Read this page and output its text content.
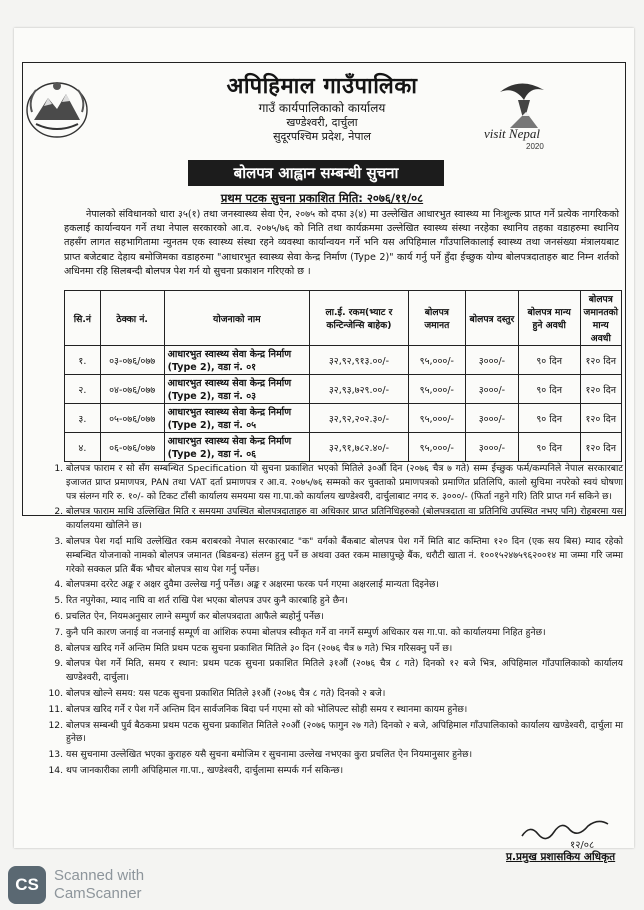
visit Nepal
2020
अपिहिमाल गाउँपालिका
गाउँ कार्यपालिकाको कार्यालय
खण्डेश्वरी, दार्चुला
सुदूरपश्चिम प्रदेश, नेपाल
बोलपत्र आह्वान सम्बन्धी सुचना
प्रथम पटक सुचना प्रकाशित मिति: २०७६/११/०८

नेपालको संविधानको धारा ३५(१) तथा जनस्वास्थ्य सेवा ऐन, २०७५ को दफा ३(४) मा उल्लेखित आधारभुत स्वास्थ्य मा निःशुल्क प्राप्त गर्ने प्रत्येक नागरिकको हकलाई कार्यान्वयन गर्ने तथा नेपाल सरकारको आ.व. २०७५/७६ को निति तथा कार्यक्रममा उल्लेखित स्वास्थ्य संस्था नरहेका स्थानिय तहका वडाहरुमा स्थानिय तहसँग लागत सहभागितामा न्युनतम एक स्वास्थ्य संस्था रहने व्यवस्था कार्यान्वयन गर्ने भनि यस अपिहिमाल गाँउपालिकालाई स्वास्थ्य तथा जनसंख्या मंत्रालयबाट प्राप्त बजेटबाट देहाय बमोजिमका वडाहरुमा "आधारभुत स्वास्थ्य सेवा केन्द्र निर्माण (Type 2)" कार्य गर्नु पर्ने हुँदा ईच्छुक योग्य बोलपत्रदाताहरु बाट निम्न शर्तको अधिनमा रहि सिलबन्दी बोलपत्र पेश गर्न यो सुचना प्रकाशन गरिएको छ ।

सि.नं	ठेक्का नं.	योजनाको नाम	ला.ई. रकम(भ्याट र कन्टिन्जेन्सि बाहेक)	बोलपत्र जमानत	बोलपत्र दस्तुर	बोलपत्र मान्य हुने अवधी	बोलपत्र जमानतको मान्य अवधी
१.	०३-०७६/०७७	आधारभुत स्वास्थ्य सेवा केन्द्र निर्माण (Type 2), वडा नं. ०१	३२,९२,९१३.००/-	९५,०००/-	३०००/-	९० दिन	१२० दिन
२.	०४-०७६/०७७	आधारभुत स्वास्थ्य सेवा केन्द्र निर्माण (Type 2), वडा नं. ०३	३२,९३,७२९.००/-	९५,०००/-	३०००/-	९० दिन	१२० दिन
३.	०५-०७६/०७७	आधारभुत स्वास्थ्य सेवा केन्द्र निर्माण (Type 2), वडा नं. ०५	३२,९२,२०२.३०/-	९५,०००/-	३०००/-	९० दिन	१२० दिन
४.	०६-०७६/०७७	आधारभुत स्वास्थ्य सेवा केन्द्र निर्माण (Type 2), वडा नं. ०६	३२,९१,७८२.४०/-	९५,०००/-	३०००/-	९० दिन	१२० दिन
1. बोलपत्र फाराम र सो सँग सम्बन्धित Specification यो सुचना प्रकाशित भएको मितिले ३०औं दिन (२०७६ चैत्र ७ गते) सम्म ईच्छुक फर्म/कम्पनिले नेपाल सरकारबाट इजाजत प्राप्त प्रमाणपत्र, PAN तथा VAT दर्ता प्रमाणपत्र र आ.व. २०७५/७६ सम्मको कर चुक्ताको प्रमाणपत्रको प्रमाणित प्रतिलिपि, कालो सुचिमा नपरेको स्वयं घोषणा पत्र संलग्न गरि रु. १०/- को टिकट टाँसी कार्यालय समयमा यस गा.पा.को कार्यालय खण्डेश्वरी, दार्चुलाबाट नगद रु. ३०००/- (फिर्ता नहुने गरि) तिरि प्राप्त गर्न सकिने छ।
2. बोलपत्र फाराम माथि उल्लिखित मिति र समयमा उपस्थित बोलपत्रदाताहरु वा अधिकार प्राप्त प्रतिनिधिहरुको (बोलपत्रदाता वा प्रतिनिधि उपस्थित नभए पनि) रोहबरमा यस कार्यालयमा खोलिने छ।
3. बोलपत्र पेश गर्दा माथि उल्लेखित रकम बराबरको नेपाल सरकारबाट "क" वर्गको बैंकबाट बोलपत्र पेश गर्ने मिति बाट कम्तिमा १२० दिन (एक सय बिस) म्याद रहेको सम्बन्धित योजनाको नामको बोलपत्र जमानत (बिडबन्ड) संलग्न हुनु पर्ने छ अथवा उक्त रकम माछापुच्छ्रे बैंक, धरौटी खाता नं. १००१५२४७५९६२००१४ मा जम्मा गरि जम्मा गरेको सक्कल प्रति बैंक भौचर बोलपत्र साथ पेश गर्नु पर्नेछ।
4. बोलपत्रमा दररेट अङ्क र अक्षर दुवैमा उल्लेख गर्नु पर्नेछ। अङ्क र अक्षरमा फरक पर्न गएमा अक्षरलाई मान्यता दिइनेछ।
5. रित नपुगेका, म्याद नाघि वा शर्त राखि पेश भएका बोलपत्र उपर कुनै कारबाहि हुने छैन।
6. प्रचलित ऐन, नियमअनुसार लाग्ने सम्पुर्ण कर बोलपत्रदाता आफैले ब्यहोर्नु पर्नेछ।
7. कुनै पनि कारण जनाई वा नजनाई सम्पूर्ण वा आंशिक रुपमा बोलपत्र स्वीकृत गर्ने वा नगर्ने सम्पुर्ण अधिकार यस गा.पा. को कार्यालयमा निहित हुनेछ।
8. बोलपत्र खरिद गर्ने अन्तिम मिति प्रथम पटक सुचना प्रकाशित मितिले ३० दिन (२०७६ चैत्र ७ गते) भित्र गरिसक्नु पर्ने छ।
9. बोलपत्र पेश गर्ने मिति, समय र स्थान: प्रथम पटक सुचना प्रकाशित मितिले ३१औं (२०७६ चैत्र ८ गते) दिनको १२ बजे भित्र, अपिहिमाल गाँउपालिकाको कार्यालय खण्डेश्वरी, दार्चुला।
10. बोलपत्र खोल्ने समय: यस पटक सुचना प्रकाशित मितिले ३१औं (२०७६ चैत्र ८ गते) दिनको २ बजे।
11. बोलपत्र खरिद गर्ने र पेश गर्ने अन्तिम दिन सार्वजनिक बिदा पर्न गएमा सो को भोलिपल्ट सोही समय र स्थानमा कायम हुनेछ।
12. बोलपत्र सम्बन्धी पुर्व बैठकमा प्रथम पटक सुचना प्रकाशित मितिले २०औं (२०७६ फागुन २७ गते) दिनको २ बजे, अपिहिमाल गाँउपालिकाको कार्यालय खण्डेश्वरी, दार्चुला मा हुनेछ।
13. यस सुचनामा उल्लेखित भएका कुराहरु यसै सुचना बमोजिम र सुचनामा उल्लेख नभएका कुरा प्रचलित ऐन नियमानुसार हुनेछ।
14. थप जानकारीका लागी अपिहिमाल गा.पा., खण्डेश्वरी, दार्चुलामा सम्पर्क गर्न सकिन्छ।
१२/०८
प्र.प्रमुख प्रशासकिय अधिकृत
CS	Scanned with
CamScanner
